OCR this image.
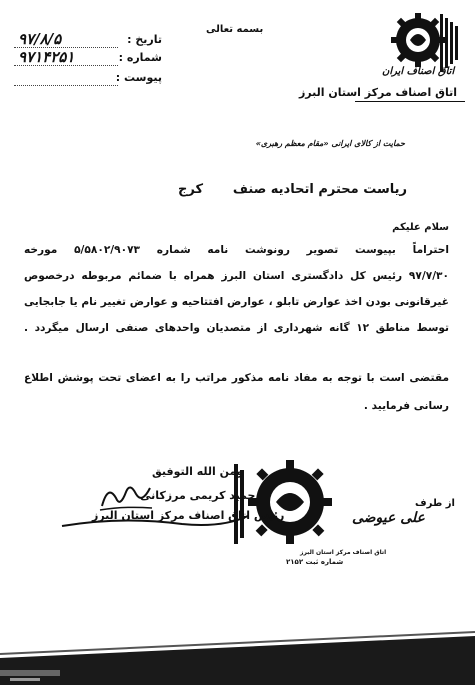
اتاق اصناف ایران
اتاق اصناف مرکز استان البرز
بسمه تعالی
تاریخ :
۹۷/۸/۵
شماره :
۹۷۱۴۲۵۱
پیوست :
حمایت از کالای ایرانی «مقام معظم رهبری»
ریاست محترم اتحادیه صنف
کرج
سلام علیکم
احتراماً بپیوست تصویر رونوشت نامه شماره ۵/۵۸۰۲/۹۰۷۳ مورخه
۹۷/۷/۳۰ رئیس کل دادگستری استان البرز همراه با ضمائم مربوطه درخصوص
غیرقانونی بودن اخذ عوارض تابلو ، عوارض افتتاحیه و عوارض تغییر نام یا جابجایی
توسط مناطق ۱۲ گانه شهرداری از متصدیان واحدهای صنفی ارسال میگردد .
مقتضی است با توجه به مفاد نامه مذکور مراتب را به اعضای تحت پوشش اطلاع
رسانی فرمایید .
ومن الله التوفیق
حمید کریمی مرزکانی
رئیس اتاق اصناف مرکز استان البرز
از طرف
علی عیوضی
اتاق اصناف مرکز استان البرز
شماره ثبت ۲۱۵۲
